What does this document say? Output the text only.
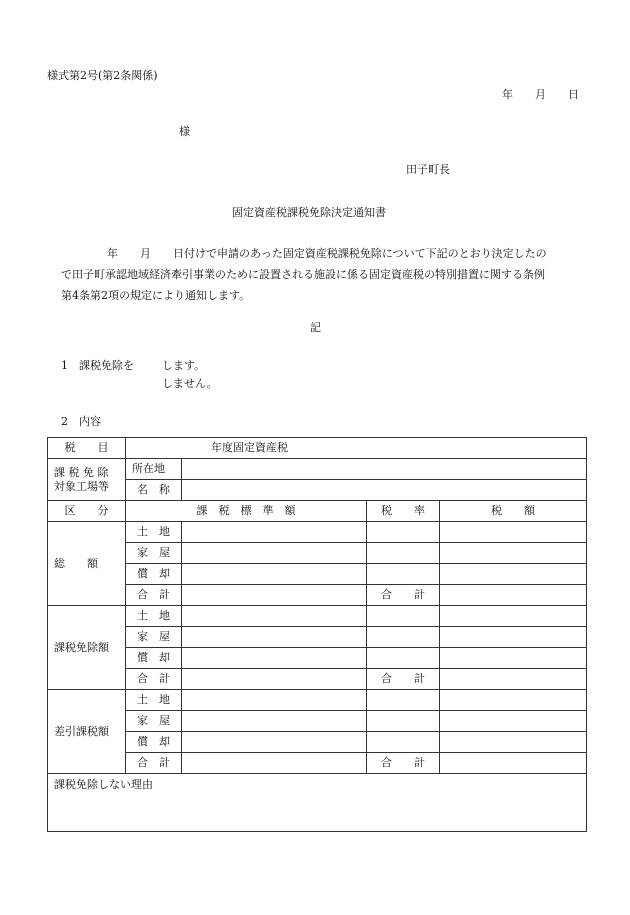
様式第2号(第2条関係)
年　　月　　日
様
田子町長
固定資産税課税免除決定通知書
年　　月　　日付けで申請のあった固定資産税課税免除について下記のとおり決定したの
で田子町承認地域経済牽引事業のために設置される施設に係る固定資産税の特別措置に関する条例
第4条第2項の規定により通知します。
記
1　課税免除を	します。
しません。
2　内容
税　　目	年度固定資産税			
課 税 免 除
対象工場等	所在地			
	名　称			
区　　分	課　税　標　準　額		税　　率	税　　額
総　　額	土　地			
	家　屋			
	償　却			
	合　計		合　　計	
課税免除額	土　地			
	家　屋			
	償　却			
	合　計		合　　計	
差引課税額	土　地			
	家　屋			
	償　却			
	合　計		合　　計	
課税免除しない理由				
